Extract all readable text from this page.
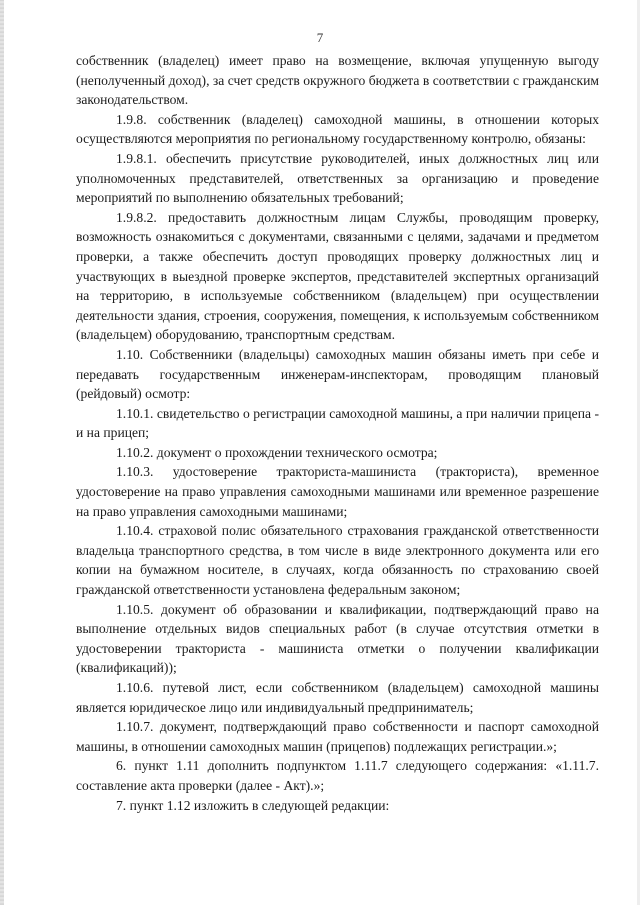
7

собственник (владелец) имеет право на возмещение, включая упущенную выгоду (неполученный доход), за счет средств окружного бюджета в соответствии с гражданским законодательством.

1.9.8. собственник (владелец) самоходной машины, в отношении которых осуществляются мероприятия по региональному государственному контролю, обязаны:

1.9.8.1. обеспечить присутствие руководителей, иных должностных лиц или уполномоченных представителей, ответственных за организацию и проведение мероприятий по выполнению обязательных требований;

1.9.8.2. предоставить должностным лицам Службы, проводящим проверку, возможность ознакомиться с документами, связанными с целями, задачами и предметом проверки, а также обеспечить доступ проводящих проверку должностных лиц и участвующих в выездной проверке экспертов, представителей экспертных организаций на территорию, в используемые собственником (владельцем) при осуществлении деятельности здания, строения, сооружения, помещения, к используемым собственником (владельцем) оборудованию, транспортным средствам.

1.10. Собственники (владельцы) самоходных машин обязаны иметь при себе и передавать государственным инженерам-инспекторам, проводящим плановый (рейдовый) осмотр:

1.10.1. свидетельство о регистрации самоходной машины, а при наличии прицепа - и на прицеп;

1.10.2. документ о прохождении технического осмотра;

1.10.3. удостоверение тракториста-машиниста (тракториста), временное удостоверение на право управления самоходными машинами или временное разрешение на право управления самоходными машинами;

1.10.4. страховой полис обязательного страхования гражданской ответственности владельца транспортного средства, в том числе в виде электронного документа или его копии на бумажном носителе, в случаях, когда обязанность по страхованию своей гражданской ответственности установлена федеральным законом;

1.10.5. документ об образовании и квалификации, подтверждающий право на выполнение отдельных видов специальных работ (в случае отсутствия отметки в удостоверении тракториста - машиниста отметки о получении квалификации (квалификаций));

1.10.6. путевой лист, если собственником (владельцем) самоходной машины является юридическое лицо или индивидуальный предприниматель;

1.10.7. документ, подтверждающий право собственности и паспорт самоходной машины, в отношении самоходных машин (прицепов) подлежащих регистрации.»;

6. пункт 1.11 дополнить подпунктом 1.11.7 следующего содержания: «1.11.7. составление акта проверки (далее - Акт).»;

7. пункт 1.12 изложить в следующей редакции:
